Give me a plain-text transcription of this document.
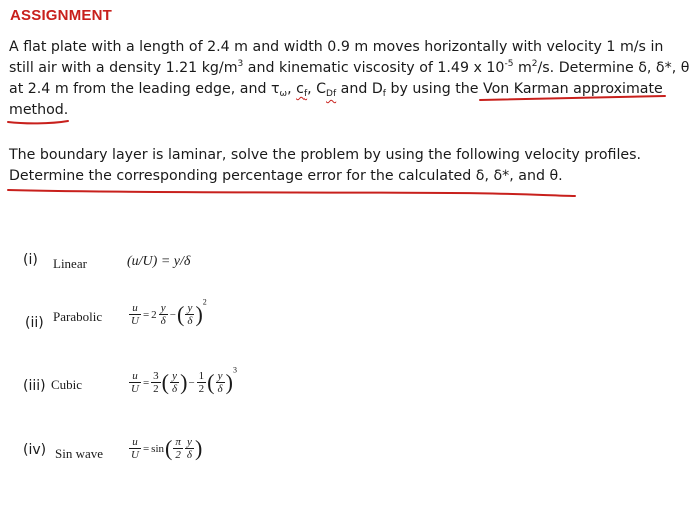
ASSIGNMENT
A flat plate with a length of 2.4 m and width 0.9 m moves horizontally with velocity 1 m/s in
still air with a density 1.21 $kg/m^3$ and kinematic viscosity of 1.49 x $10^{-5}$ $m^2/s$. Determine δ, δ*, θ
at 2.4 m from the leading edge, and $\tau_\omega$, $c_f$, $C_{Df}$ and $D_f$ by using the Von Karman approximate
method.
The boundary layer is laminar, solve the problem by using the following velocity profiles.
Determine the corresponding percentage error for the calculated δ, δ*, and θ.
(i) Linear	(u/U) = y/δ
(ii) Parabolic $\frac{u}{U} = 2 \frac{y}{\delta}$ −( $\frac{y}{\delta} )^2$
(iii) Cubic	$\frac{u}{U} = \frac{3}{2}$ ( $\frac{y}{\delta}$ )− $\frac{1}{2}$ ( $\frac{y}{\delta} )^3$
(iv) Sin wave $\frac{u}{U} = \sin( \frac{\pi}{2} \frac{y}{\delta}$ )
